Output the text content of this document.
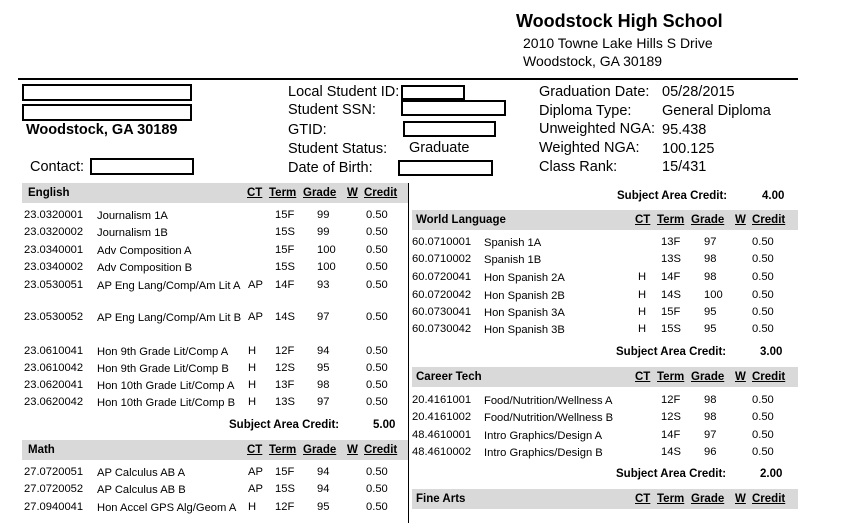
Woodstock High School
2010 Towne Lake Hills S Drive
Woodstock, GA 30189
Woodstock, GA 30189
Contact:
Local Student ID:
Student SSN:
GTID:
Student Status: Graduate
Date of Birth:
Graduation Date: 05/28/2015
Diploma Type: General Diploma
Unweighted NGA: 95.438
Weighted NGA: 100.125
Class Rank:	15/431
English	CT Term Grade W Credit
23.0320001 Journalism 1A	15F 99	0.50
23.0320002 Journalism 1B	15S 99	0.50
23.0340001 Adv Composition A	15F 100	0.50
23.0340002 Adv Composition B	15S 100	0.50
23.0530051 AP Eng Lang/Comp/Am Lit A AP 14F 93	0.50
23.0530052 AP Eng Lang/Comp/Am Lit B AP 14S 97	0.50
23.0610041 Hon 9th Grade Lit/Comp A	H 12F 94	0.50
23.0610042 Hon 9th Grade Lit/Comp B	H 12S 95	0.50
23.0620041 Hon 10th Grade Lit/Comp A	H 13F 98	0.50
23.0620042 Hon 10th Grade Lit/Comp B	H 13S 97	0.50
Subject Area Credit:	5.00
Math	CT Term Grade W Credit
27.0720051 AP Calculus AB A	AP 15F 94	0.50
27.0720052 AP Calculus AB B	AP 15S 94	0.50
27.0940041 Hon Accel GPS Alg/Geom A	H 12F 95	0.50
Subject Area Credit:	4.00
World Language	CT Term Grade W Credit
60.0710001 Spanish 1A	13F 97	0.50
60.0710002 Spanish 1B	13S 98	0.50
60.0720041 Hon Spanish 2A	H 14F 98	0.50
60.0720042 Hon Spanish 2B	H 14S 100	0.50
60.0730041 Hon Spanish 3A	H 15F 95	0.50
60.0730042 Hon Spanish 3B	H 15S 95	0.50
Subject Area Credit:	3.00
Career Tech	CT Term Grade W Credit
20.4161001 Food/Nutrition/Wellness A	12F 98	0.50
20.4161002 Food/Nutrition/Wellness B	12S 98	0.50
48.4610001 Intro Graphics/Design A	14F 97	0.50
48.4610002 Intro Graphics/Design B	14S 96	0.50
Subject Area Credit:	2.00
Fine Arts	CT Term Grade W Credit
